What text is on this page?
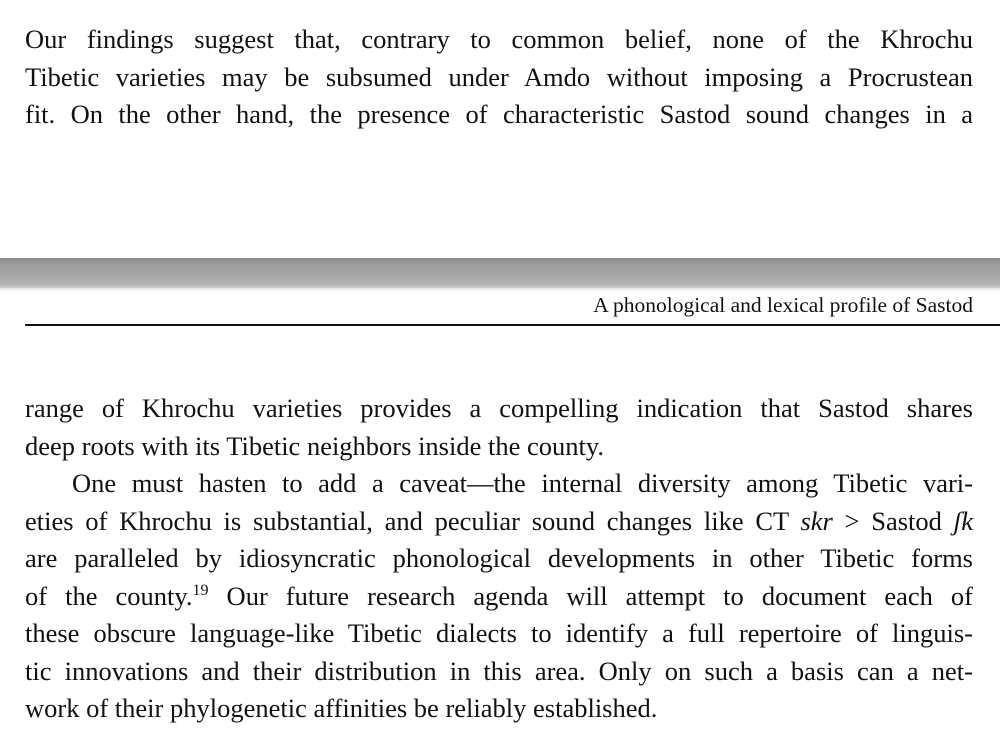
Our findings suggest that, contrary to common belief, none of the Khrochu
Tibetic varieties may be subsumed under Amdo without imposing a Procrustean
fit. On the other hand, the presence of characteristic Sastod sound changes in a
A phonological and lexical profile of Sastod
range of Khrochu varieties provides a compelling indication that Sastod shares
deep roots with its Tibetic neighbors inside the county.
One must hasten to add a caveat—the internal diversity among Tibetic vari-
eties of Khrochu is substantial, and peculiar sound changes like CT skr > Sastod ʃk
are paralleled by idiosyncratic phonological developments in other Tibetic forms
of the county.$^{19}$ Our future research agenda will attempt to document each of
these obscure language-like Tibetic dialects to identify a full repertoire of linguis-
tic innovations and their distribution in this area. Only on such a basis can a net-
work of their phylogenetic affinities be reliably established.
